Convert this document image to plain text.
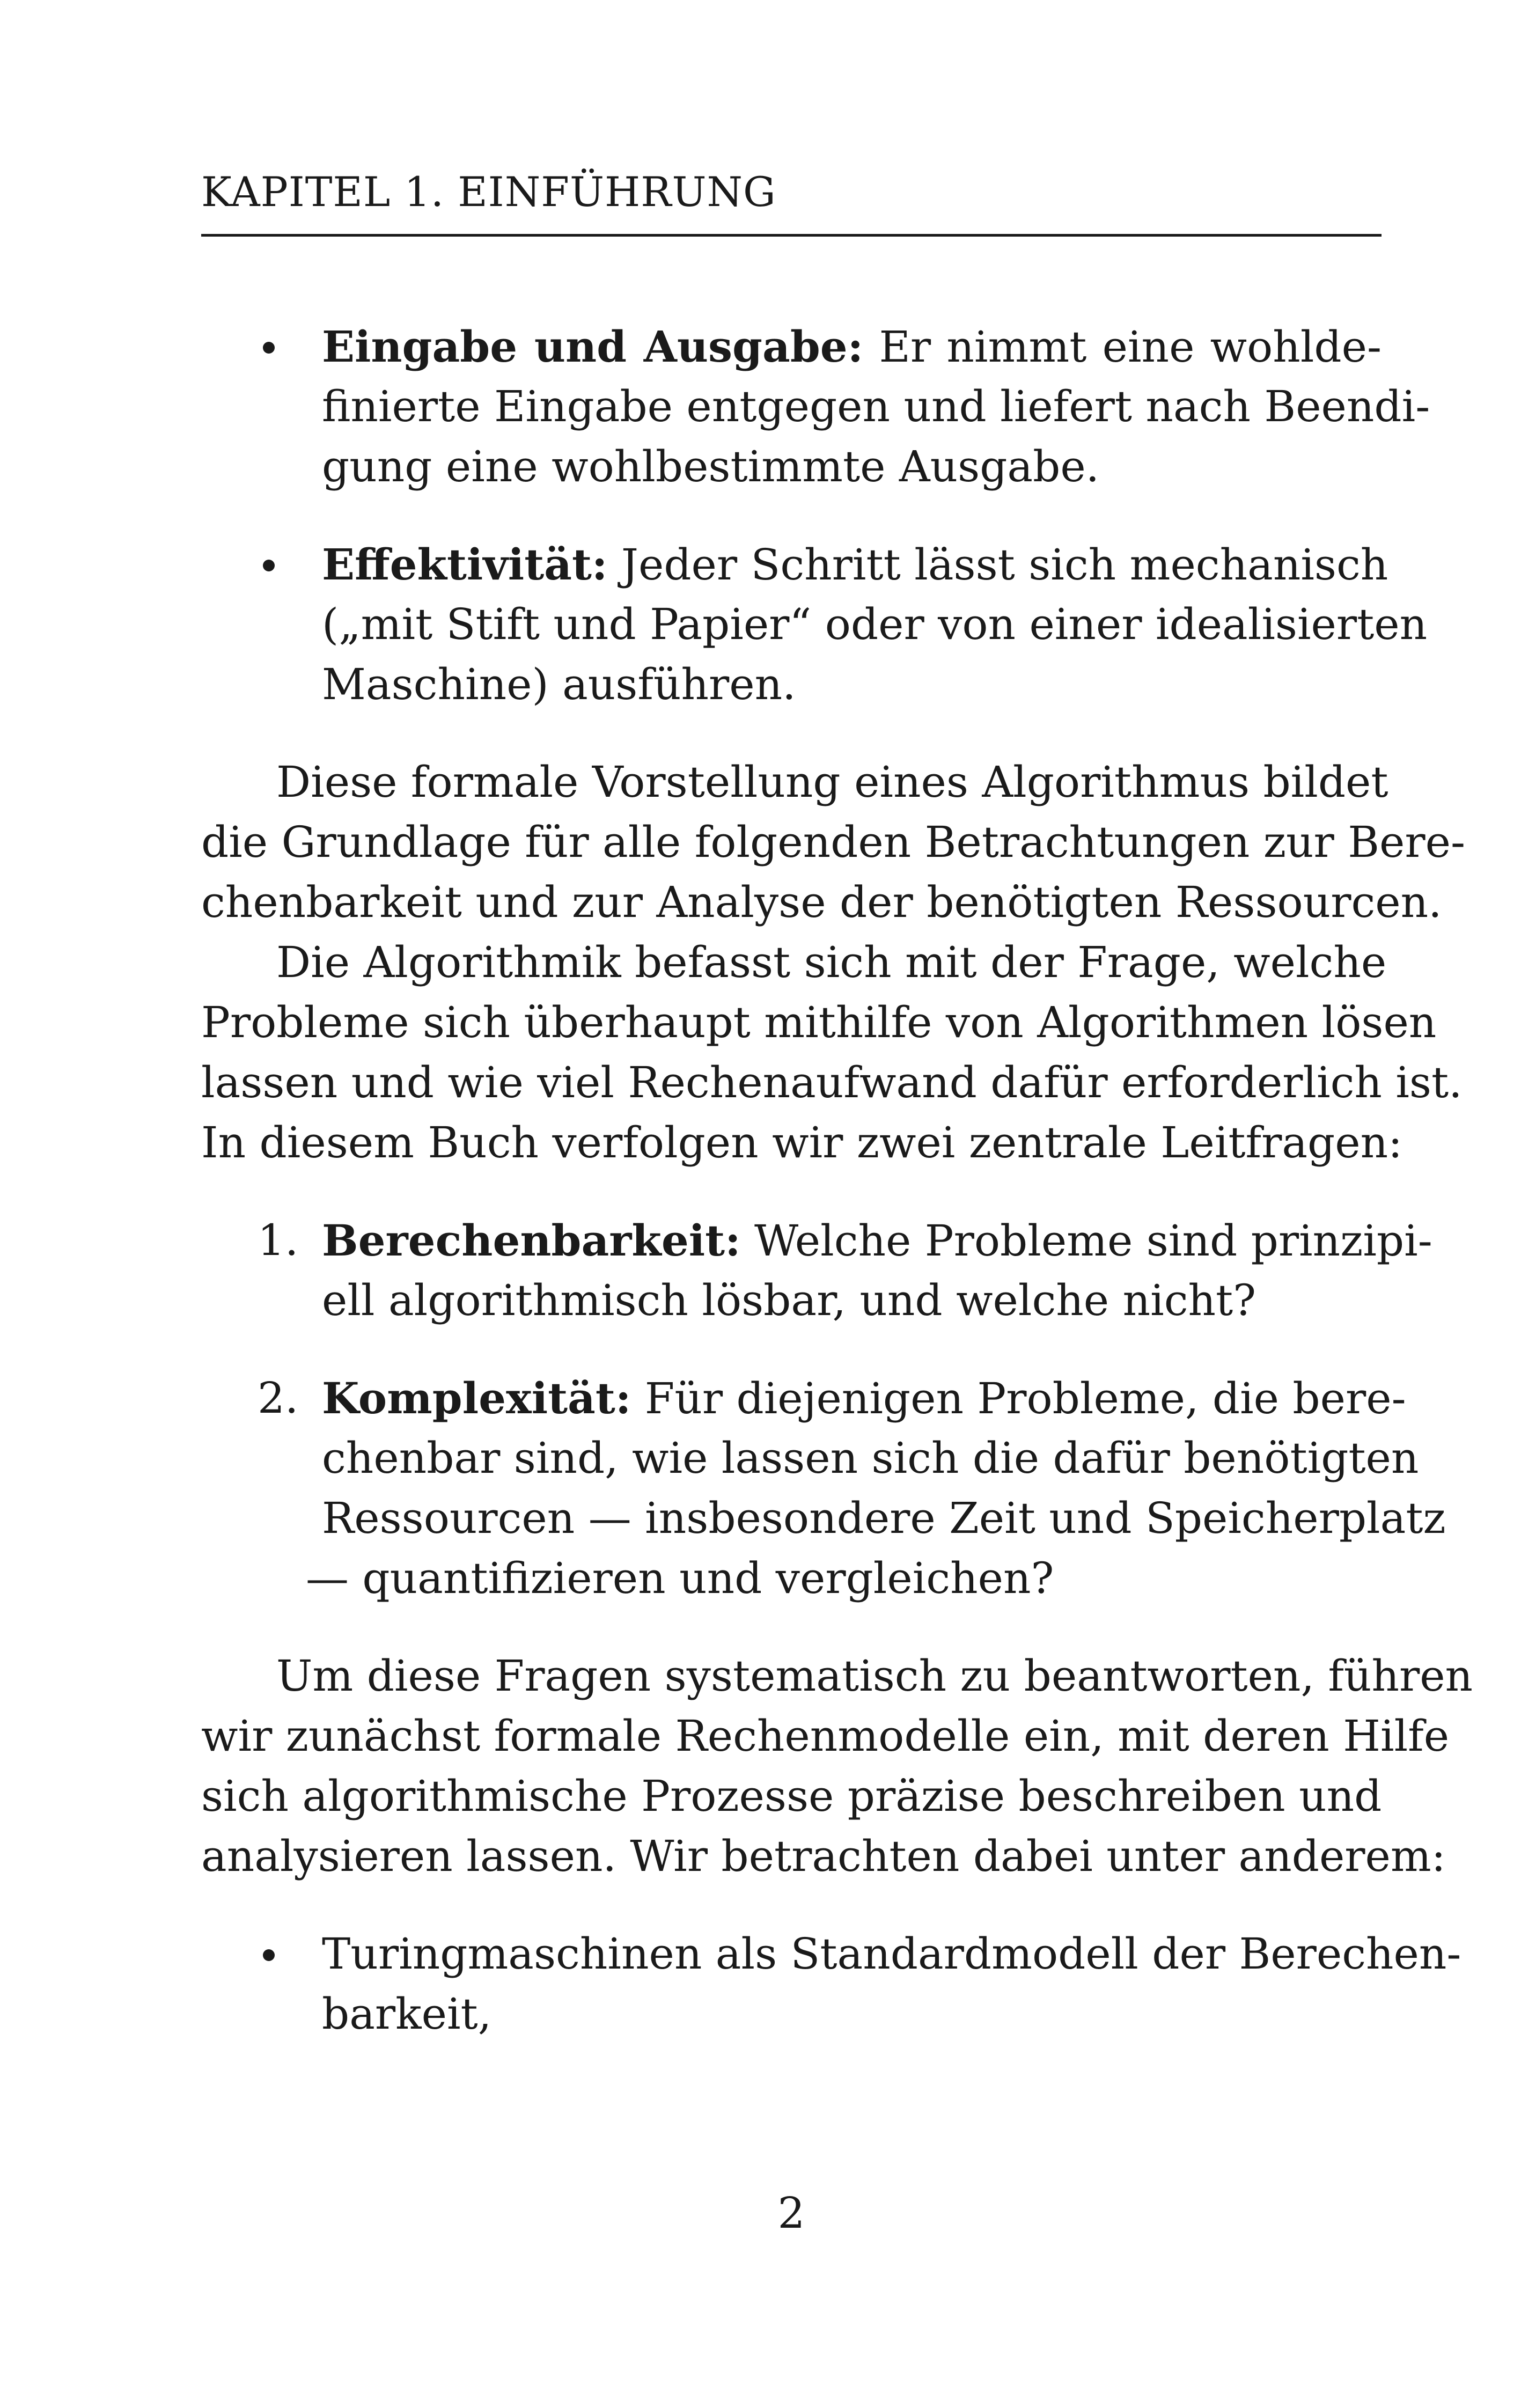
KAPITEL 1. EINFÜHRUNG
Eingabe und Ausgabe: Er nimmt eine wohlde-
finierte Eingabe entgegen und liefert nach Beendi-
gung eine wohlbestimmte Ausgabe.
Effektivität: Jeder Schritt lässt sich mechanisch
(„mit Stift und Papier“ oder von einer idealisierten
Maschine) ausführen.
Diese formale Vorstellung eines Algorithmus bildet
die Grundlage für alle folgenden Betrachtungen zur Bere-
chenbarkeit und zur Analyse der benötigten Ressourcen.
Die Algorithmik befasst sich mit der Frage, welche
Probleme sich überhaupt mithilfe von Algorithmen lösen
lassen und wie viel Rechenaufwand dafür erforderlich ist.
In diesem Buch verfolgen wir zwei zentrale Leitfragen:
1. Berechenbarkeit: Welche Probleme sind prinzipi-
ell algorithmisch lösbar, und welche nicht?
2. Komplexität: Für diejenigen Probleme, die bere-
chenbar sind, wie lassen sich die dafür benötigten
Ressourcen — insbesondere Zeit und Speicherplatz
— quantifizieren und vergleichen?
Um diese Fragen systematisch zu beantworten, führen
wir zunächst formale Rechenmodelle ein, mit deren Hilfe
sich algorithmische Prozesse präzise beschreiben und
analysieren lassen. Wir betrachten dabei unter anderem:
Turingmaschinen als Standardmodell der Berechen-
barkeit,
2
